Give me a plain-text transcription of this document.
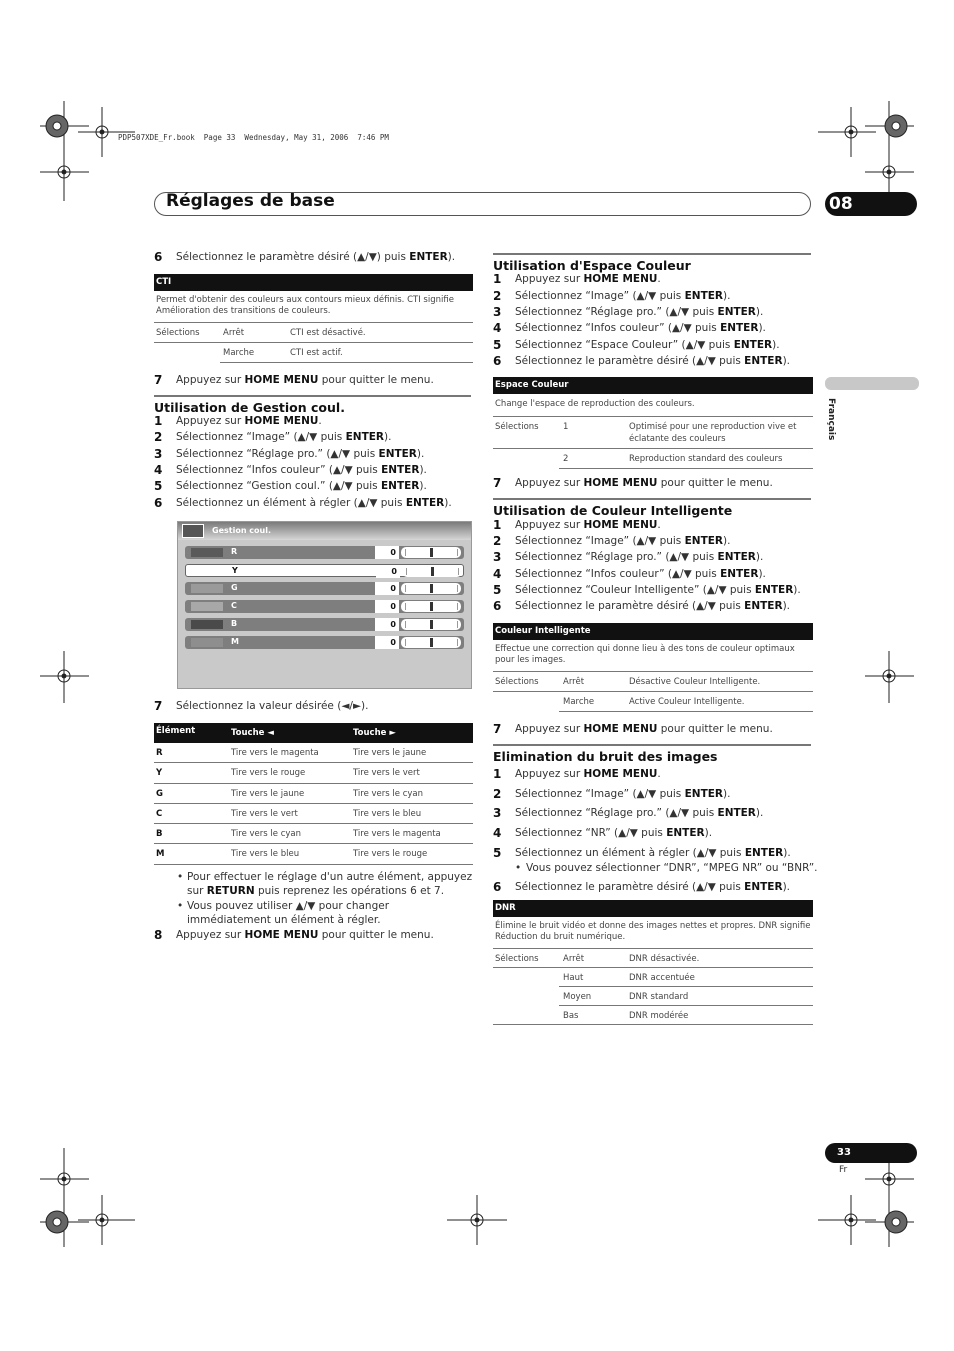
PDP507XDE_Fr.book  Page 33  Wednesday, May 31, 2006  7:46 PM
Réglages de base	08
Français
6 Sélectionnez le paramètre désiré (▲/▼) puis ENTER).
CTI
Permet d'obtenir des couleurs aux contours mieux définis. CTI signifie Amélioration des transitions de couleurs.
Sélections	Arrêt	CTI est désactivé.
Marche	CTI est actif.
7 Appuyez sur HOME MENU pour quitter le menu.
Utilisation de Gestion coul.
1 Appuyez sur HOME MENU.
2 Sélectionnez “Image” (▲/▼ puis ENTER).
3 Sélectionnez “Réglage pro.” (▲/▼ puis ENTER).
4 Sélectionnez “Infos couleur” (▲/▼ puis ENTER).
5 Sélectionnez “Gestion coul.” (▲/▼ puis ENTER).
6 Sélectionnez un élément à régler (▲/▼ puis ENTER).
Gestion coul.
R	0
Y	0
G	0
C	0
B	0
M	0
7 Sélectionnez la valeur désirée (◄/►).
Élément	Touche ◄	Touche ►
R	Tire vers le magenta	Tire vers le jaune
Y	Tire vers le rouge	Tire vers le vert
G	Tire vers le jaune	Tire vers le cyan
C	Tire vers le vert	Tire vers le bleu
B	Tire vers le cyan	Tire vers le magenta
M	Tire vers le bleu	Tire vers le rouge
• Pour effectuer le réglage d'un autre élément, appuyez sur RETURN puis reprenez les opérations 6 et 7.
• Vous pouvez utiliser ▲/▼ pour changer immédiatement un élément à régler.
8 Appuyez sur HOME MENU pour quitter le menu.
Utilisation d'Espace Couleur
1 Appuyez sur HOME MENU.
2 Sélectionnez “Image” (▲/▼ puis ENTER).
3 Sélectionnez “Réglage pro.” (▲/▼ puis ENTER).
4 Sélectionnez “Infos couleur” (▲/▼ puis ENTER).
5 Sélectionnez “Espace Couleur” (▲/▼ puis ENTER).
6 Sélectionnez le paramètre désiré (▲/▼ puis ENTER).
Espace Couleur
Change l'espace de reproduction des couleurs.
Sélections	1	Optimisé pour une reproduction vive et éclatante des couleurs
2	Reproduction standard des couleurs
7 Appuyez sur HOME MENU pour quitter le menu.
Utilisation de Couleur Intelligente
1 Appuyez sur HOME MENU.
2 Sélectionnez “Image” (▲/▼ puis ENTER).
3 Sélectionnez “Réglage pro.” (▲/▼ puis ENTER).
4 Sélectionnez “Infos couleur” (▲/▼ puis ENTER).
5 Sélectionnez “Couleur Intelligente” (▲/▼ puis ENTER).
6 Sélectionnez le paramètre désiré (▲/▼ puis ENTER).
Couleur Intelligente
Effectue une correction qui donne lieu à des tons de couleur optimaux pour les images.
Sélections	Arrêt	Désactive Couleur Intelligente.
Marche	Active Couleur Intelligente.
7 Appuyez sur HOME MENU pour quitter le menu.
Elimination du bruit des images
1 Appuyez sur HOME MENU.
2 Sélectionnez “Image” (▲/▼ puis ENTER).
3 Sélectionnez “Réglage pro.” (▲/▼ puis ENTER).
4 Sélectionnez “NR” (▲/▼ puis ENTER).
5 Sélectionnez un élément à régler (▲/▼ puis ENTER).
• Vous pouvez sélectionner “DNR”, “MPEG NR” ou “BNR”.
6 Sélectionnez le paramètre désiré (▲/▼ puis ENTER).
DNR
Élimine le bruit vidéo et donne des images nettes et propres. DNR signifie Réduction du bruit numérique.
Sélections	Arrêt	DNR désactivée.
Haut	DNR accentuée
Moyen	DNR standard
Bas	DNR modérée
33
Fr
